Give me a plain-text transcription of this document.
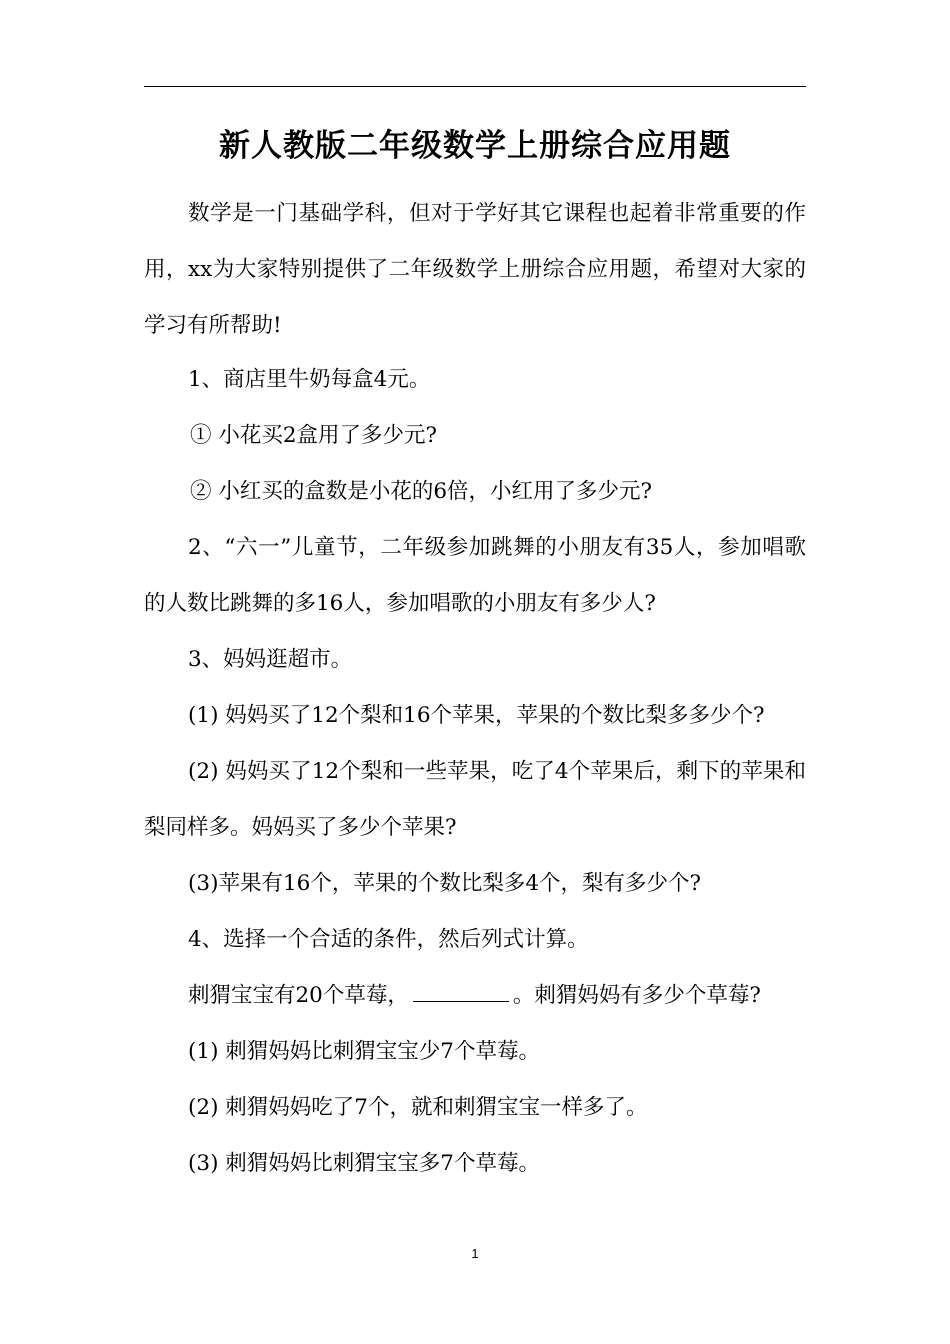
新人教版二年级数学上册综合应用题
数学是一门基础学科，但对于学好其它课程也起着非常重要的作用，xx为大家特别提供了二年级数学上册综合应用题，希望对大家的学习有所帮助!
1、商店里牛奶每盒4元。
① 小花买2盒用了多少元?
② 小红买的盒数是小花的6倍，小红用了多少元?
2、“六一”儿童节，二年级参加跳舞的小朋友有35人，参加唱歌的人数比跳舞的多16人，参加唱歌的小朋友有多少人?
3、妈妈逛超市。
(1) 妈妈买了12个梨和16个苹果，苹果的个数比梨多多少个?
(2) 妈妈买了12个梨和一些苹果，吃了4个苹果后，剩下的苹果和梨同样多。妈妈买了多少个苹果?
(3)苹果有16个，苹果的个数比梨多4个，梨有多少个?
4、选择一个合适的条件，然后列式计算。
刺猬宝宝有20个草莓，	。刺猬妈妈有多少个草莓?
(1) 刺猬妈妈比刺猬宝宝少7个草莓。
(2) 刺猬妈妈吃了7个，就和刺猬宝宝一样多了。
(3) 刺猬妈妈比刺猬宝宝多7个草莓。
1
